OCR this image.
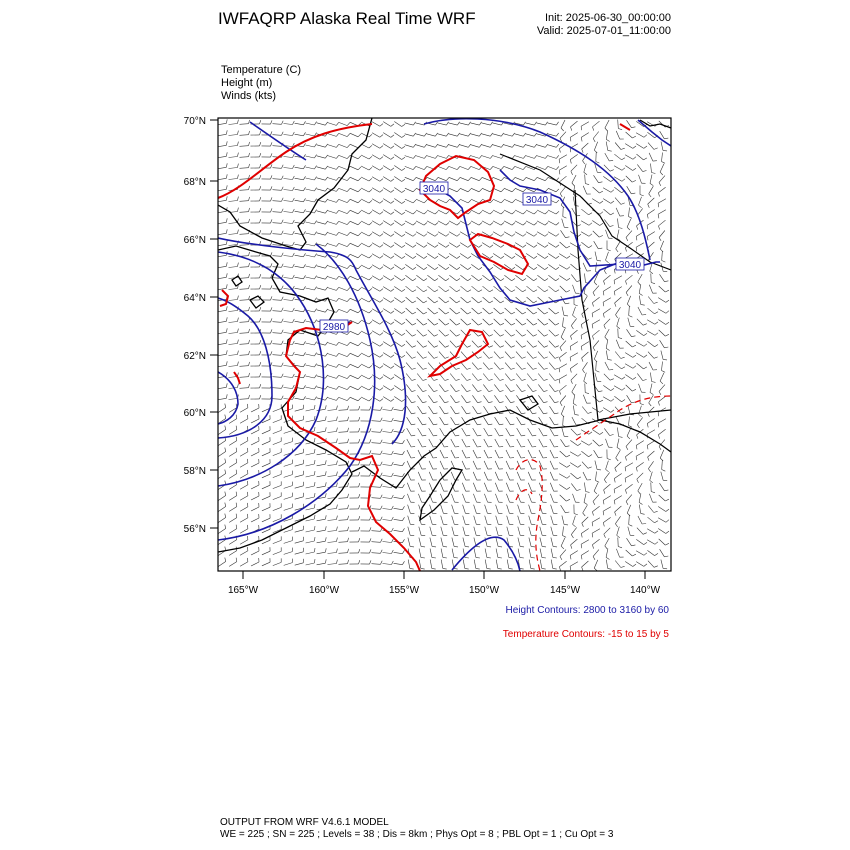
IWFAQRP Alaska Real Time WRF	Init: 2025-06-30_00:00:00
Valid: 2025-07-01_11:00:00
Temperature (C)
Height (m)
Winds (kts)
70°N
68°N
66°N
64°N
62°N
60°N
58°N
56°N
165°W	160°W	155°W	150°W	145°W	140°W
3040
3040
3040
2980
Height Contours: 2800 to 3160 by 60
Temperature Contours: -15 to 15 by 5
OUTPUT FROM WRF V4.6.1 MODEL
WE = 225 ; SN = 225 ; Levels = 38 ; Dis = 8km ; Phys Opt = 8 ; PBL Opt = 1 ; Cu Opt = 3
